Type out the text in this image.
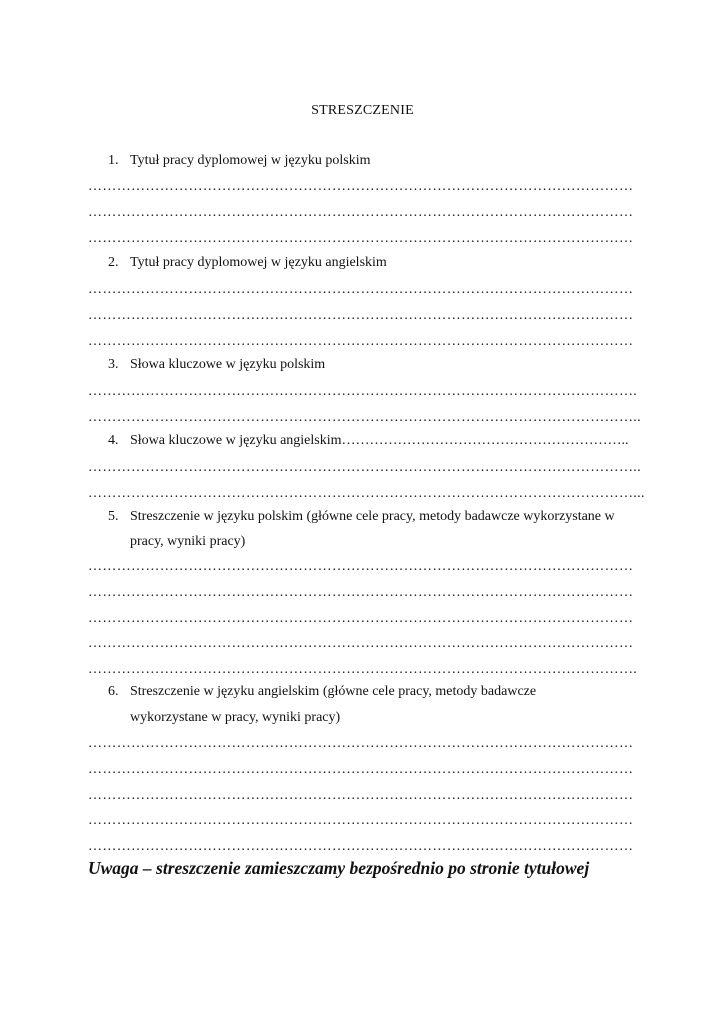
STRESZCZENIE
1. Tytuł pracy dyplomowej w języku polskim
……………………………………………………………………………………………………
……………………………………………………………………………………………………
……………………………………………………………………………………………………
2. Tytuł pracy dyplomowej w języku angielskim
……………………………………………………………………………………………………
……………………………………………………………………………………………………
……………………………………………………………………………………………………
3. Słowa kluczowe w języku polskim
…………………………………………………………………………………………………….
……………………………………………………………………………………………………..
4. Słowa kluczowe w języku angielskim……………………………………………………..
……………………………………………………………………………………………………..
……………………………………………………………………………………………………...
5. Streszczenie w języku polskim (główne cele pracy, metody badawcze wykorzystane w
pracy, wyniki pracy)
……………………………………………………………………………………………………
……………………………………………………………………………………………………
……………………………………………………………………………………………………
……………………………………………………………………………………………………
…………………………………………………………………………………………………….
6. Streszczenie w języku angielskim (główne cele pracy, metody badawcze
wykorzystane w pracy, wyniki pracy)
……………………………………………………………………………………………………
……………………………………………………………………………………………………
……………………………………………………………………………………………………
……………………………………………………………………………………………………
……………………………………………………………………………………………………
Uwaga – streszczenie zamieszczamy bezpośrednio po stronie tytułowej
